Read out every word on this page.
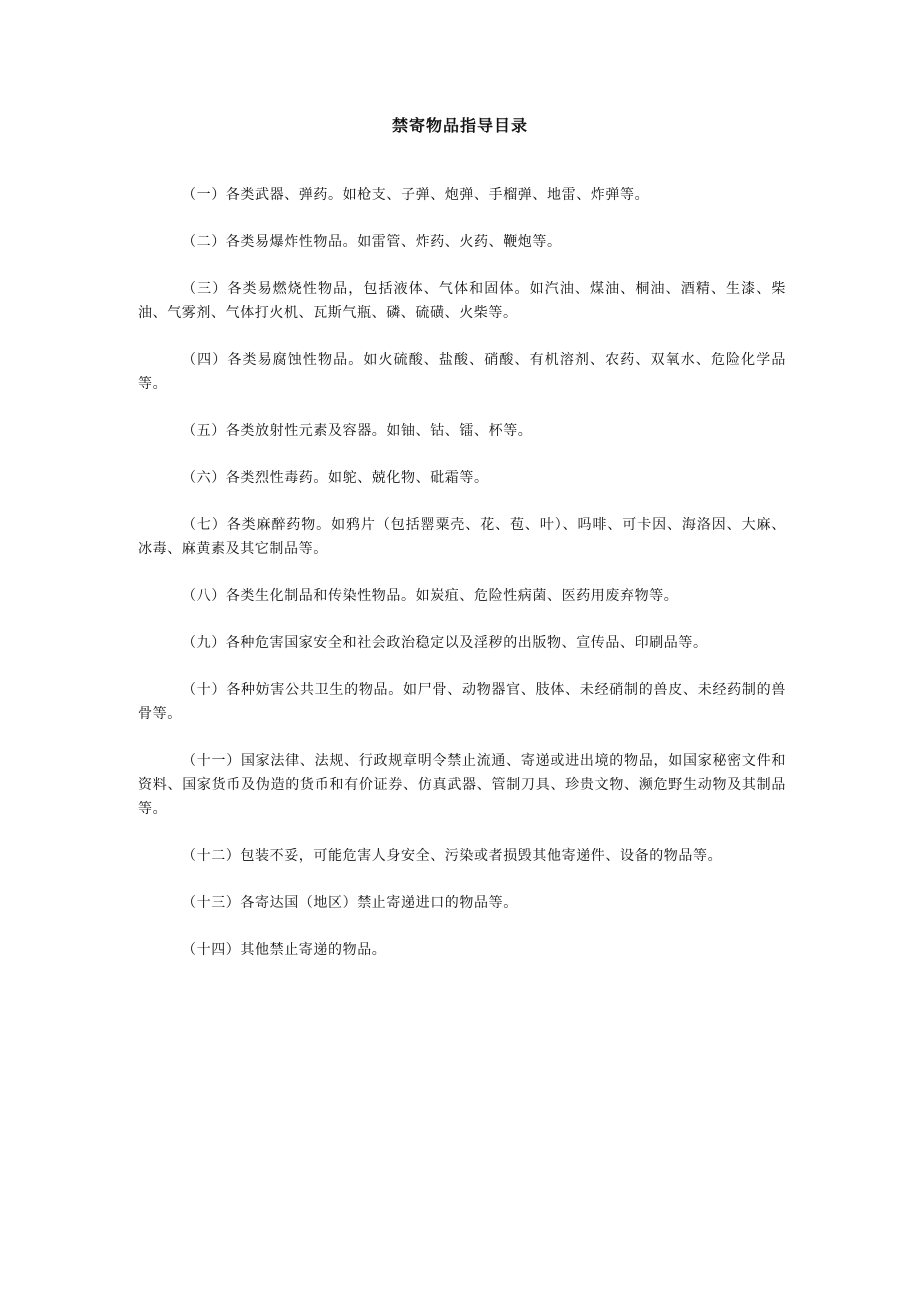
禁寄物品指导目录

（一）各类武器、弹药。如枪支、子弹、炮弹、手榴弹、地雷、炸弹等。

（二）各类易爆炸性物品。如雷管、炸药、火药、鞭炮等。

（三）各类易燃烧性物品，包括液体、气体和固体。如汽油、煤油、桐油、酒精、生漆、柴油、气雾剂、气体打火机、瓦斯气瓶、磷、硫磺、火柴等。

（四）各类易腐蚀性物品。如火硫酸、盐酸、硝酸、有机溶剂、农药、双氧水、危险化学品等。

（五）各类放射性元素及容器。如铀、钴、镭、杯等。

（六）各类烈性毒药。如鸵、兢化物、砒霜等。

（七）各类麻醉药物。如鸦片（包括罂粟壳、花、苞、叶）、吗啡、可卡因、海洛因、大麻、冰毒、麻黄素及其它制品等。

（八）各类生化制品和传染性物品。如炭疽、危险性病菌、医药用废弃物等。

（九）各种危害国家安全和社会政治稳定以及淫秽的出版物、宣传品、印刷品等。

（十）各种妨害公共卫生的物品。如尸骨、动物器官、肢体、未经硝制的兽皮、未经药制的兽骨等。

（十一）国家法律、法规、行政规章明令禁止流通、寄递或进出境的物品，如国家秘密文件和资料、国家货币及伪造的货币和有价证券、仿真武器、管制刀具、珍贵文物、濒危野生动物及其制品等。

（十二）包装不妥，可能危害人身安全、污染或者损毁其他寄递件、设备的物品等。

（十三）各寄达国（地区）禁止寄递进口的物品等。

（十四）其他禁止寄递的物品。
